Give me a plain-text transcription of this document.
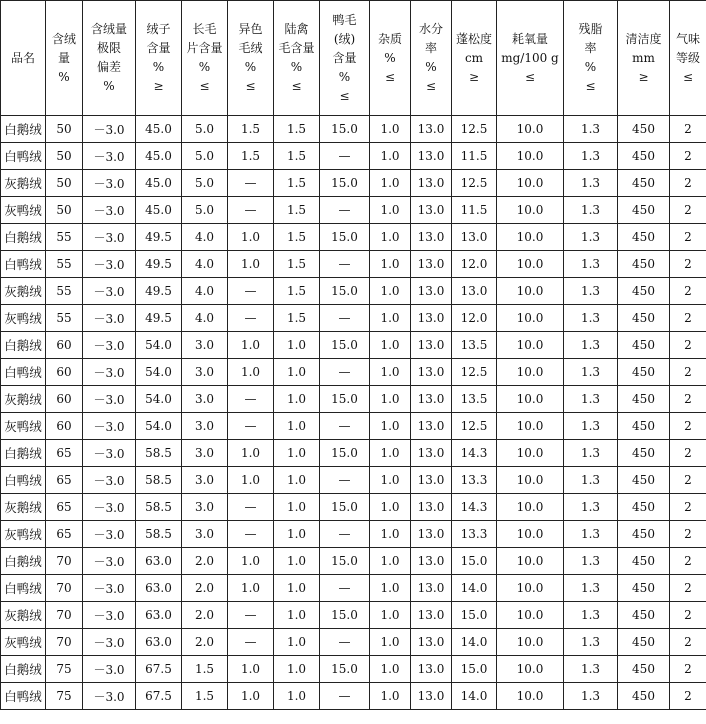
品名	含绒
量
%	含绒量
极限
偏差
%	绒子
含量
%
≥	长毛
片含量
%
≤	异色
毛绒
%
≤	陆禽
毛含量
%
≤	鸭毛
(绒)
含量
%
≤	杂质
%
≤	水分
率
%
≤	蓬松度
cm
≥	耗氧量
mg/100 g
≤	残脂
率
%
≤	清洁度
mm
≥	气味
等级
≤

白鹅绒	50	－3.0	45.0	5.0	1.5	1.5	15.0	1.0	13.0	12.5	10.0	1.3	450	2
白鸭绒	50	－3.0	45.0	5.0	1.5	1.5	—	1.0	13.0	11.5	10.0	1.3	450	2
灰鹅绒	50	－3.0	45.0	5.0	—	1.5	15.0	1.0	13.0	12.5	10.0	1.3	450	2
灰鸭绒	50	－3.0	45.0	5.0	—	1.5	—	1.0	13.0	11.5	10.0	1.3	450	2
白鹅绒	55	－3.0	49.5	4.0	1.0	1.5	15.0	1.0	13.0	13.0	10.0	1.3	450	2
白鸭绒	55	－3.0	49.5	4.0	1.0	1.5	—	1.0	13.0	12.0	10.0	1.3	450	2
灰鹅绒	55	－3.0	49.5	4.0	—	1.5	15.0	1.0	13.0	13.0	10.0	1.3	450	2
灰鸭绒	55	－3.0	49.5	4.0	—	1.5	—	1.0	13.0	12.0	10.0	1.3	450	2
白鹅绒	60	－3.0	54.0	3.0	1.0	1.0	15.0	1.0	13.0	13.5	10.0	1.3	450	2
白鸭绒	60	－3.0	54.0	3.0	1.0	1.0	—	1.0	13.0	12.5	10.0	1.3	450	2
灰鹅绒	60	－3.0	54.0	3.0	—	1.0	15.0	1.0	13.0	13.5	10.0	1.3	450	2
灰鸭绒	60	－3.0	54.0	3.0	—	1.0	—	1.0	13.0	12.5	10.0	1.3	450	2
白鹅绒	65	－3.0	58.5	3.0	1.0	1.0	15.0	1.0	13.0	14.3	10.0	1.3	450	2
白鸭绒	65	－3.0	58.5	3.0	1.0	1.0	—	1.0	13.0	13.3	10.0	1.3	450	2
灰鹅绒	65	－3.0	58.5	3.0	—	1.0	15.0	1.0	13.0	14.3	10.0	1.3	450	2
灰鸭绒	65	－3.0	58.5	3.0	—	1.0	—	1.0	13.0	13.3	10.0	1.3	450	2
白鹅绒	70	－3.0	63.0	2.0	1.0	1.0	15.0	1.0	13.0	15.0	10.0	1.3	450	2
白鸭绒	70	－3.0	63.0	2.0	1.0	1.0	—	1.0	13.0	14.0	10.0	1.3	450	2
灰鹅绒	70	－3.0	63.0	2.0	—	1.0	15.0	1.0	13.0	15.0	10.0	1.3	450	2
灰鸭绒	70	－3.0	63.0	2.0	—	1.0	—	1.0	13.0	14.0	10.0	1.3	450	2
白鹅绒	75	－3.0	67.5	1.5	1.0	1.0	15.0	1.0	13.0	15.0	10.0	1.3	450	2
白鸭绒	75	－3.0	67.5	1.5	1.0	1.0	—	1.0	13.0	14.0	10.0	1.3	450	2
